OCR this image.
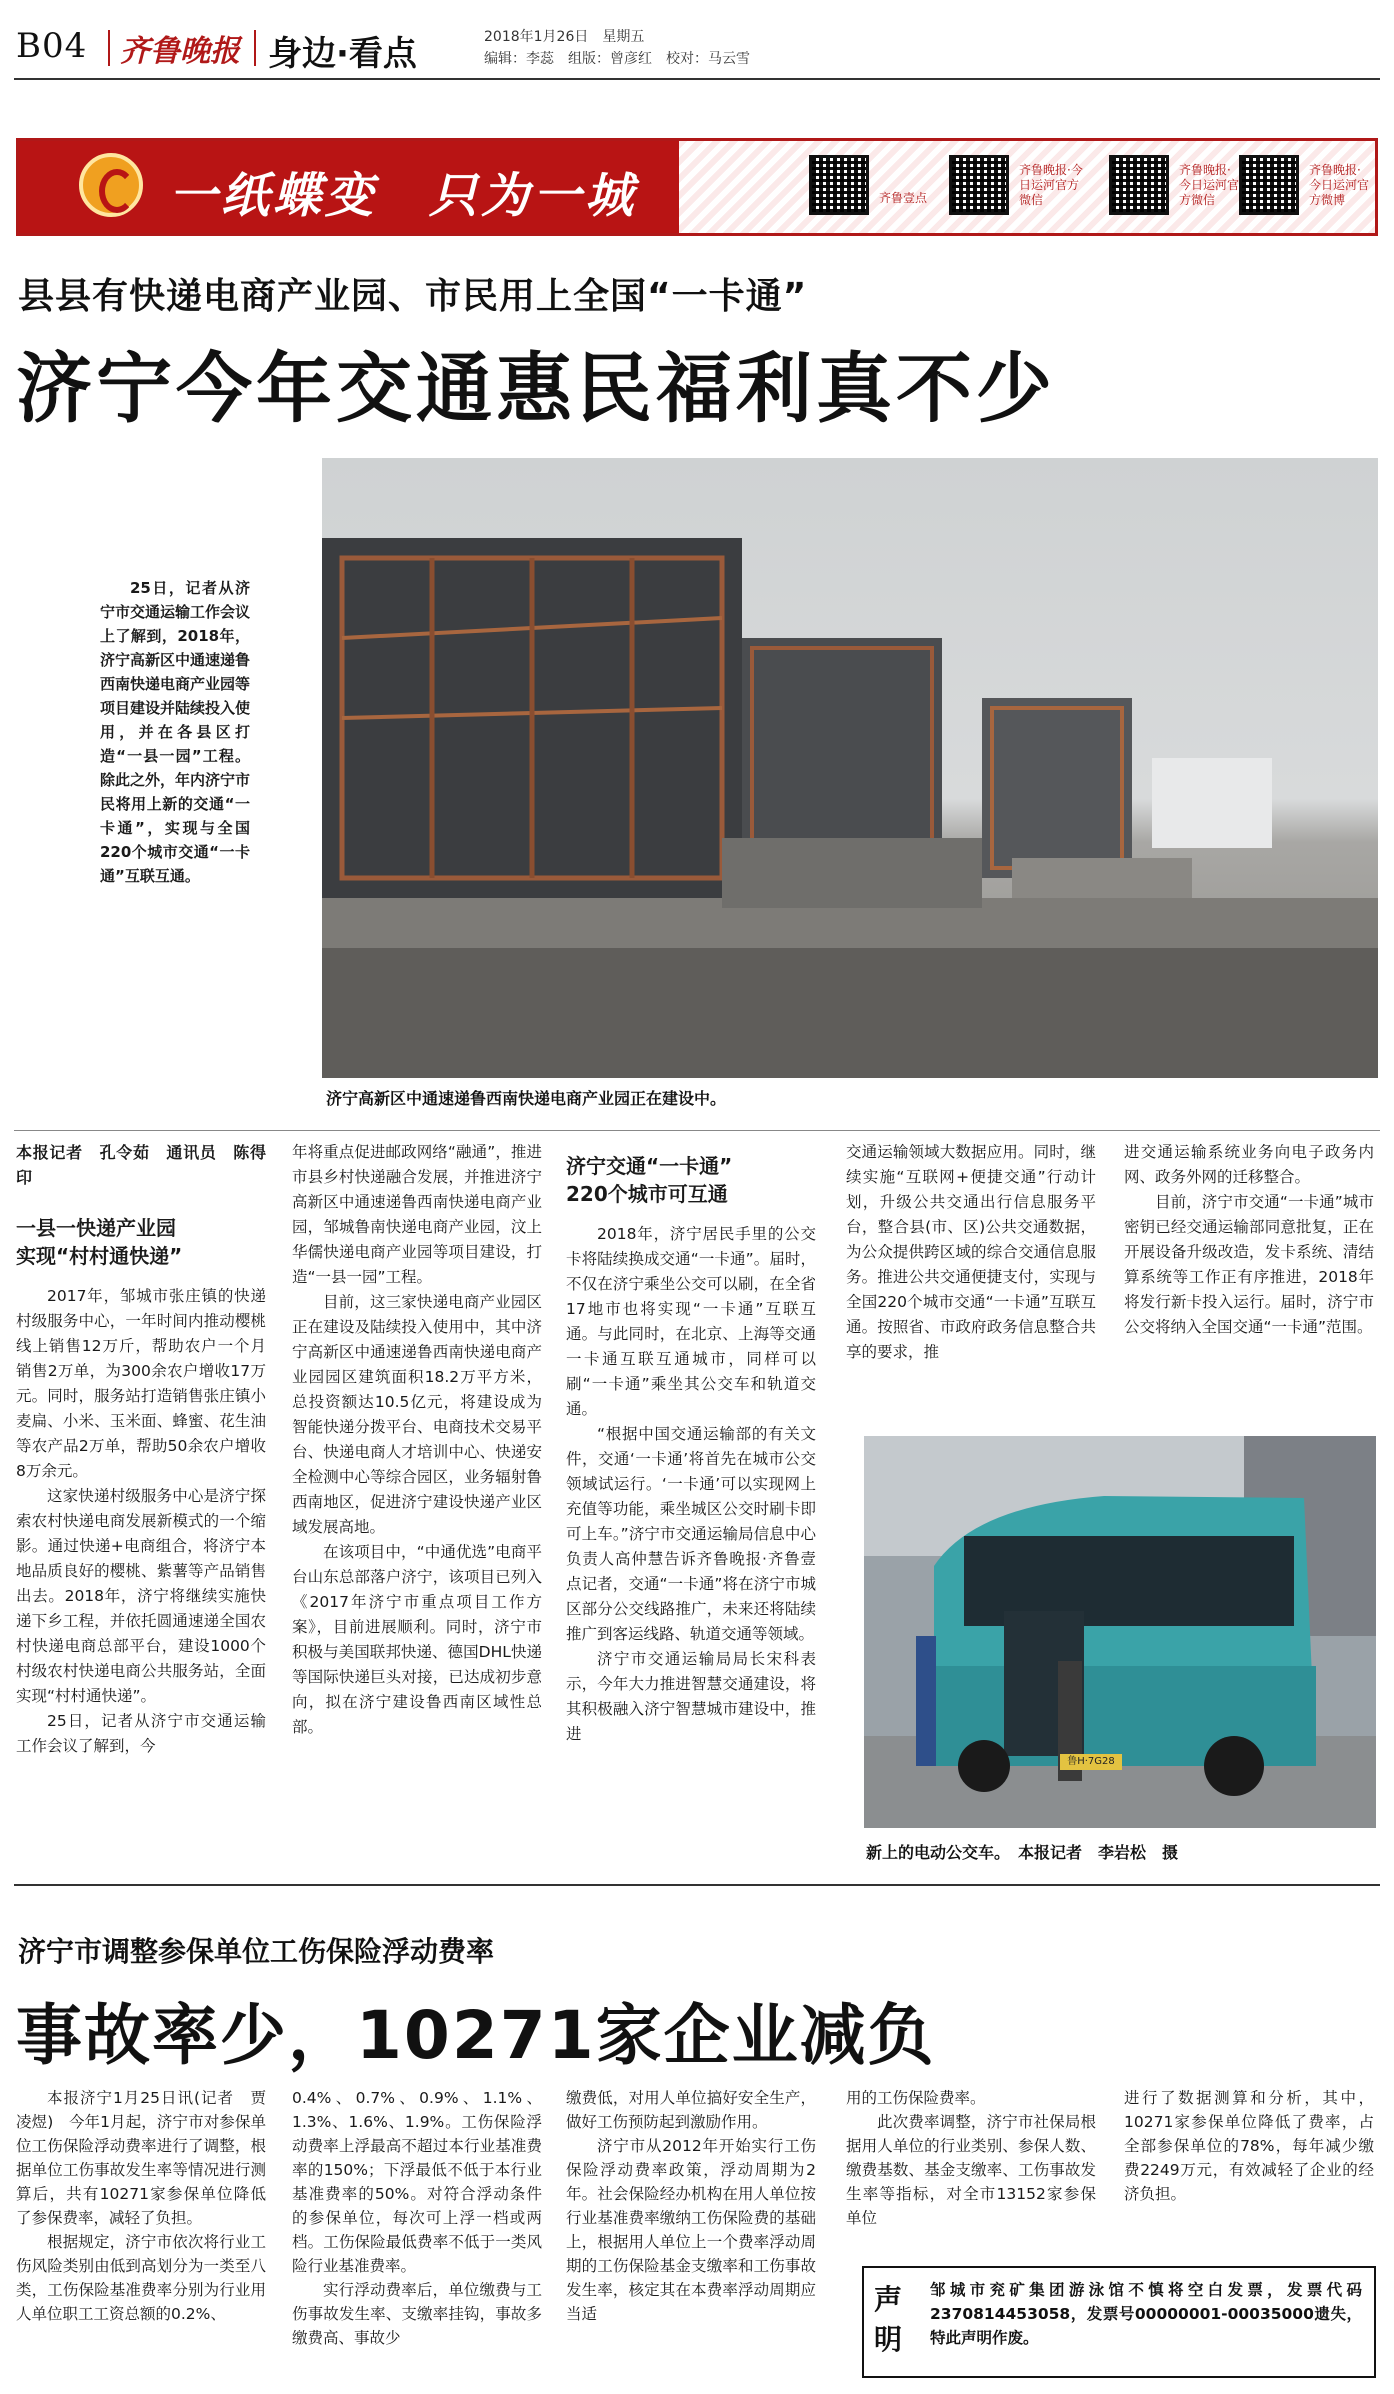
B04 齐鲁晚报 身边·看点	2018年1月26日　星期五
编辑：李蕊　组版：曾彦红　校对：马云雪
一纸蝶变　只为一城	齐鲁壹点
齐鲁晚报·今日运河官方微信
齐鲁晚报·今日运河官方微信
齐鲁晚报·今日运河官方微博
县县有快递电商产业园、市民用上全国“一卡通”
济宁今年交通惠民福利真不少

25日，记者从济宁市交通运输工作会议上了解到，2018年，济宁高新区中通速递鲁西南快递电商产业园等项目建设并陆续投入使用，并在各县区打造“一县一园”工程。除此之外，年内济宁市民将用上新的交通“一卡通”，实现与全国220个城市交通“一卡通”互联互通。

济宁高新区中通速递鲁西南快递电商产业园正在建设中。

本报记者　孔令茹　通讯员　陈得印

一县一快递产业园
实现“村村通快递”

2017年，邹城市张庄镇的快递村级服务中心，一年时间内推动樱桃线上销售12万斤，帮助农户一个月销售2万单，为300余农户增收17万元。同时，服务站打造销售张庄镇小麦扁、小米、玉米面、蜂蜜、花生油等农产品2万单，帮助50余农户增收8万余元。

这家快递村级服务中心是济宁探索农村快递电商发展新模式的一个缩影。通过快递+电商组合，将济宁本地品质良好的樱桃、紫薯等产品销售出去。2018年，济宁将继续实施快递下乡工程，并依托圆通速递全国农村快递电商总部平台，建设1000个村级农村快递电商公共服务站，全面实现“村村通快递”。

25日，记者从济宁市交通运输工作会议了解到，今

年将重点促进邮政网络“融通”，推进市县乡村快递融合发展，并推进济宁高新区中通速递鲁西南快递电商产业园，邹城鲁南快递电商产业园，汶上华儒快递电商产业园等项目建设，打造“一县一园”工程。

目前，这三家快递电商产业园区正在建设及陆续投入使用中，其中济宁高新区中通速递鲁西南快递电商产业园园区建筑面积18.2万平方米，总投资额达10.5亿元，将建设成为智能快递分拨平台、电商技术交易平台、快递电商人才培训中心、快递安全检测中心等综合园区，业务辐射鲁西南地区，促进济宁建设快递产业区域发展高地。

在该项目中，“中通优选”电商平台山东总部落户济宁，该项目已列入《2017年济宁市重点项目工作方案》，目前进展顺利。同时，济宁市积极与美国联邦快递、德国DHL快递等国际快递巨头对接，已达成初步意向，拟在济宁建设鲁西南区域性总部。

济宁交通“一卡通”
220个城市可互通

2018年，济宁居民手里的公交卡将陆续换成交通“一卡通”。届时，不仅在济宁乘坐公交可以刷，在全省17地市也将实现“一卡通”互联互通。与此同时，在北京、上海等交通一卡通互联互通城市，同样可以刷“一卡通”乘坐其公交车和轨道交通。

“根据中国交通运输部的有关文件，交通‘一卡通’将首先在城市公交领域试运行。‘一卡通’可以实现网上充值等功能，乘坐城区公交时刷卡即可上车。”济宁市交通运输局信息中心负责人高仲慧告诉齐鲁晚报·齐鲁壹点记者，交通“一卡通”将在济宁市城区部分公交线路推广，未来还将陆续推广到客运线路、轨道交通等领域。

济宁市交通运输局局长宋科表示，今年大力推进智慧交通建设，将其积极融入济宁智慧城市建设中，推进

交通运输领域大数据应用。同时，继续实施“互联网+便捷交通”行动计划，升级公共交通出行信息服务平台，整合县(市、区)公共交通数据，为公众提供跨区域的综合交通信息服务。推进公共交通便捷支付，实现与全国220个城市交通“一卡通”互联互通。按照省、市政府政务信息整合共享的要求，推

进交通运输系统业务向电子政务内网、政务外网的迁移整合。

目前，济宁市交通“一卡通”城市密钥已经交通运输部同意批复，正在开展设备升级改造，发卡系统、清结算系统等工作正有序推进，2018年将发行新卡投入运行。届时，济宁市公交将纳入全国交通“一卡通”范围。

鲁H·7G28
新上的电动公交车。　本报记者　李岩松　摄
济宁市调整参保单位工伤保险浮动费率
事故率少，10271家企业减负

本报济宁1月25日讯(记者　贾凌煜)　今年1月起，济宁市对参保单位工伤保险浮动费率进行了调整，根据单位工伤事故发生率等情况进行测算后，共有10271家参保单位降低了参保费率，减轻了负担。

根据规定，济宁市依次将行业工伤风险类别由低到高划分为一类至八类，工伤保险基准费率分别为行业用人单位职工工资总额的0.2%、

0.4%、0.7%、0.9%、1.1%、1.3%、1.6%、1.9%。工伤保险浮动费率上浮最高不超过本行业基准费率的150%；下浮最低不低于本行业基准费率的50%。对符合浮动条件的参保单位，每次可上浮一档或两档。工伤保险最低费率不低于一类风险行业基准费率。

实行浮动费率后，单位缴费与工伤事故发生率、支缴率挂钩，事故多缴费高、事故少

缴费低，对用人单位搞好安全生产，做好工伤预防起到激励作用。

济宁市从2012年开始实行工伤保险浮动费率政策，浮动周期为2年。社会保险经办机构在用人单位按行业基准费率缴纳工伤保险费的基础上，根据用人单位上一个费率浮动周期的工伤保险基金支缴率和工伤事故发生率，核定其在本费率浮动周期应当适

用的工伤保险费率。

此次费率调整，济宁市社保局根据用人单位的行业类别、参保人数、缴费基数、基金支缴率、工伤事故发生率等指标，对全市13152家参保单位

进行了数据测算和分析，其中，10271家参保单位降低了费率，占全部参保单位的78%，每年减少缴费2249万元，有效减轻了企业的经济负担。

声明
邹城市兖矿集团游泳馆不慎将空白发票，发票代码2370814453058，发票号00000001-00035000遗失，特此声明作废。
